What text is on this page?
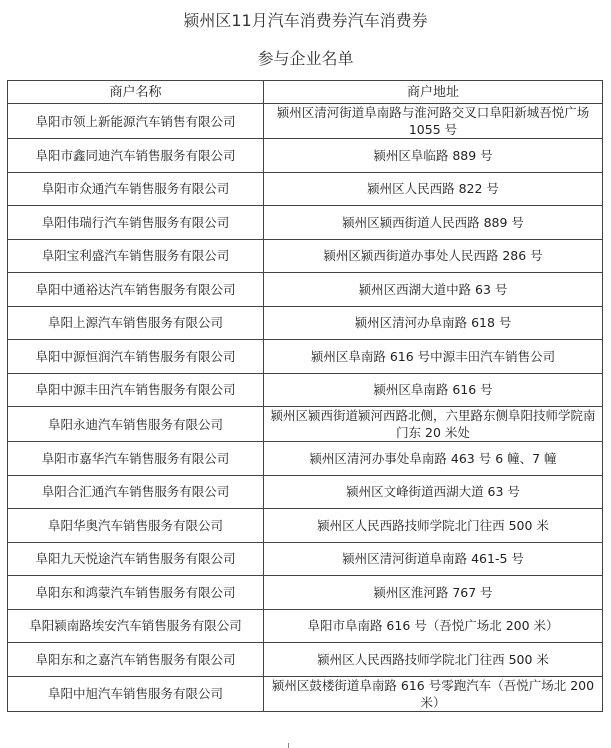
颍州区11月汽车消费券汽车消费券
参与企业名单
商户名称	商户地址
阜阳市领上新能源汽车销售有限公司	颍州区清河街道阜南路与淮河路交叉口阜阳新城吾悦广场 1055 号
阜阳市鑫同迪汽车销售服务有限公司	颍州区阜临路 889 号
阜阳市众通汽车销售服务有限公司	颍州区人民西路 822 号
阜阳伟瑞行汽车销售服务有限公司	颍州区颍西街道人民西路 889 号
阜阳宝利盛汽车销售服务有限公司	颍州区颍西街道办事处人民西路 286 号
阜阳中通裕达汽车销售服务有限公司	颍州区西湖大道中路 63 号
阜阳上源汽车销售服务有限公司	颍州区清河办阜南路 618 号
阜阳中源恒润汽车销售服务有限公司	颍州区阜南路 616 号中源丰田汽车销售公司
阜阳中源丰田汽车销售服务有限公司	颍州区阜南路 616 号
阜阳永迪汽车销售服务有限公司	颍州区颍西街道颍河西路北侧，六里路东侧阜阳技师学院南门东 20 米处
阜阳市嘉华汽车销售服务有限公司	颍州区清河办事处阜南路 463 号 6 幢、7 幢
阜阳合汇通汽车销售服务有限公司	颍州区文峰街道西湖大道 63 号
阜阳华奥汽车销售服务有限公司	颍州区人民西路技师学院北门往西 500 米
阜阳九天悦途汽车销售服务有限公司	颍州区清河街道阜南路 461-5 号
阜阳东和鸿蒙汽车销售服务有限公司	颍州区淮河路 767 号
阜阳颍南路埃安汽车销售服务有限公司	阜阳市阜南路 616 号（吾悦广场北 200 米）
阜阳东和之嘉汽车销售服务有限公司	颍州区人民西路技师学院北门往西 500 米
阜阳中旭汽车销售服务有限公司	颍州区鼓楼街道阜南路 616 号零跑汽车（吾悦广场北 200 米）
